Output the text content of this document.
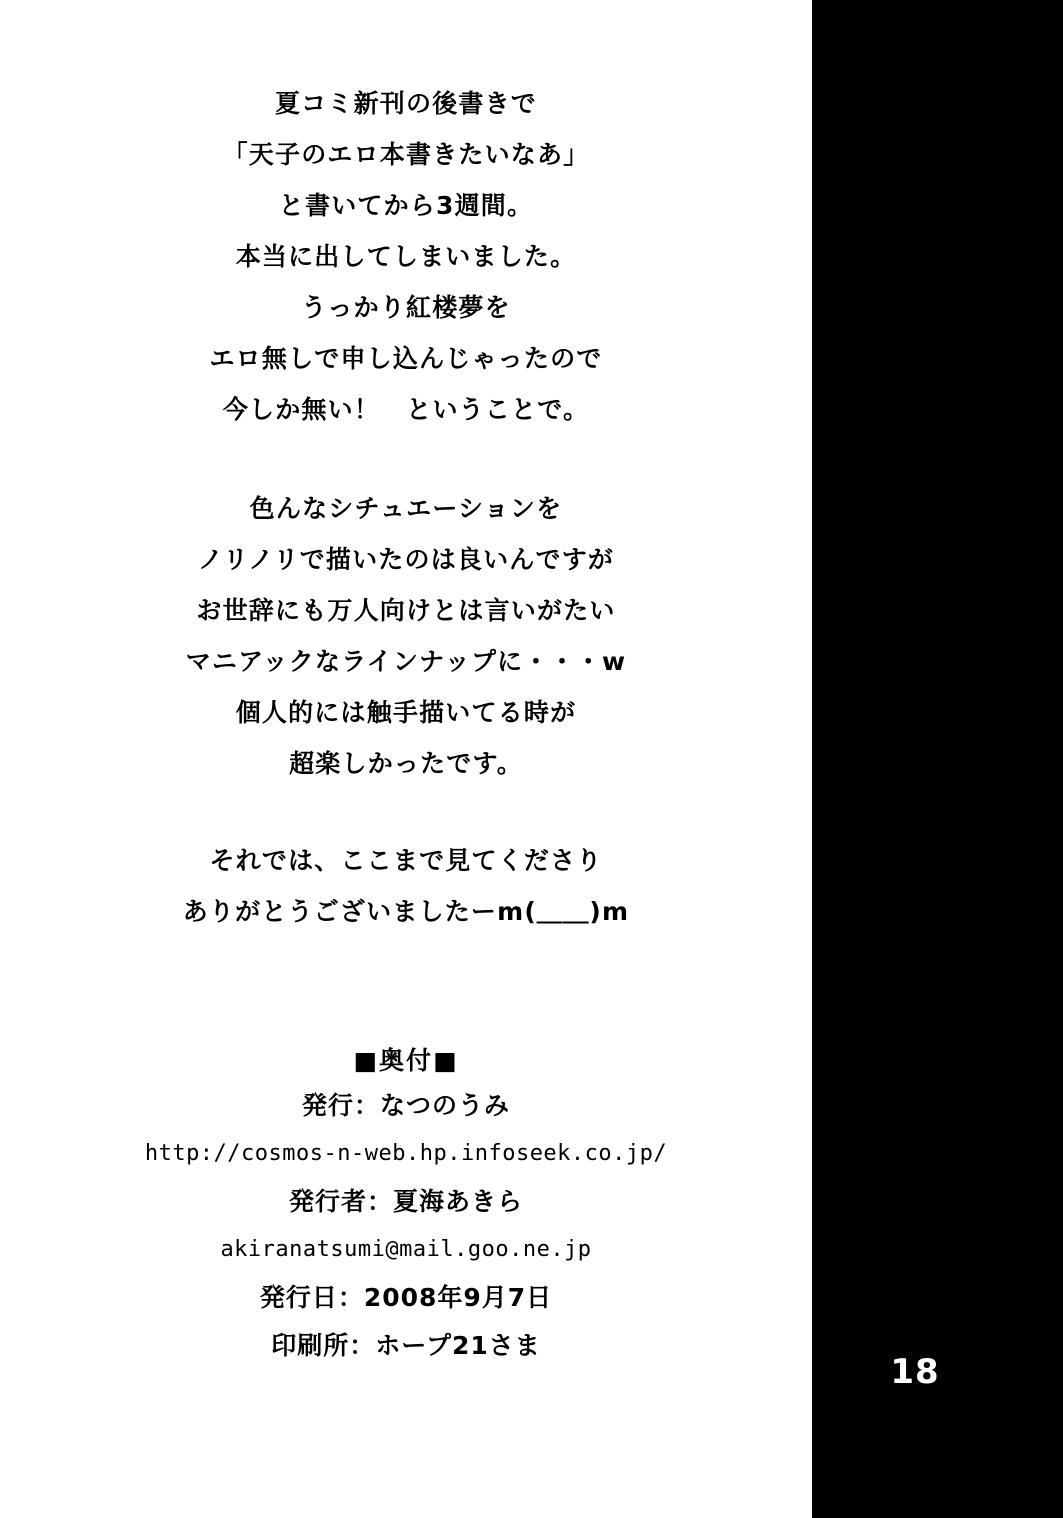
夏コミ新刊の後書きで
「天子のエロ本書きたいなあ」
と書いてから3週間。
本当に出してしまいました。
うっかり紅楼夢を
エロ無しで申し込んじゃったので
今しか無い！　ということで。
色んなシチュエーションを
ノリノリで描いたのは良いんですが
お世辞にも万人向けとは言いがたい
マニアックなラインナップに・・・w
個人的には触手描いてる時が
超楽しかったです。
それでは、ここまで見てくださり
ありがとうございましたーm(＿＿)m
■奥付■
発行：なつのうみ
http://cosmos-n-web.hp.infoseek.co.jp/
発行者：夏海あきら
akiranatsumi@mail.goo.ne.jp
発行日：2008年9月7日
印刷所：ホープ21さま
18
